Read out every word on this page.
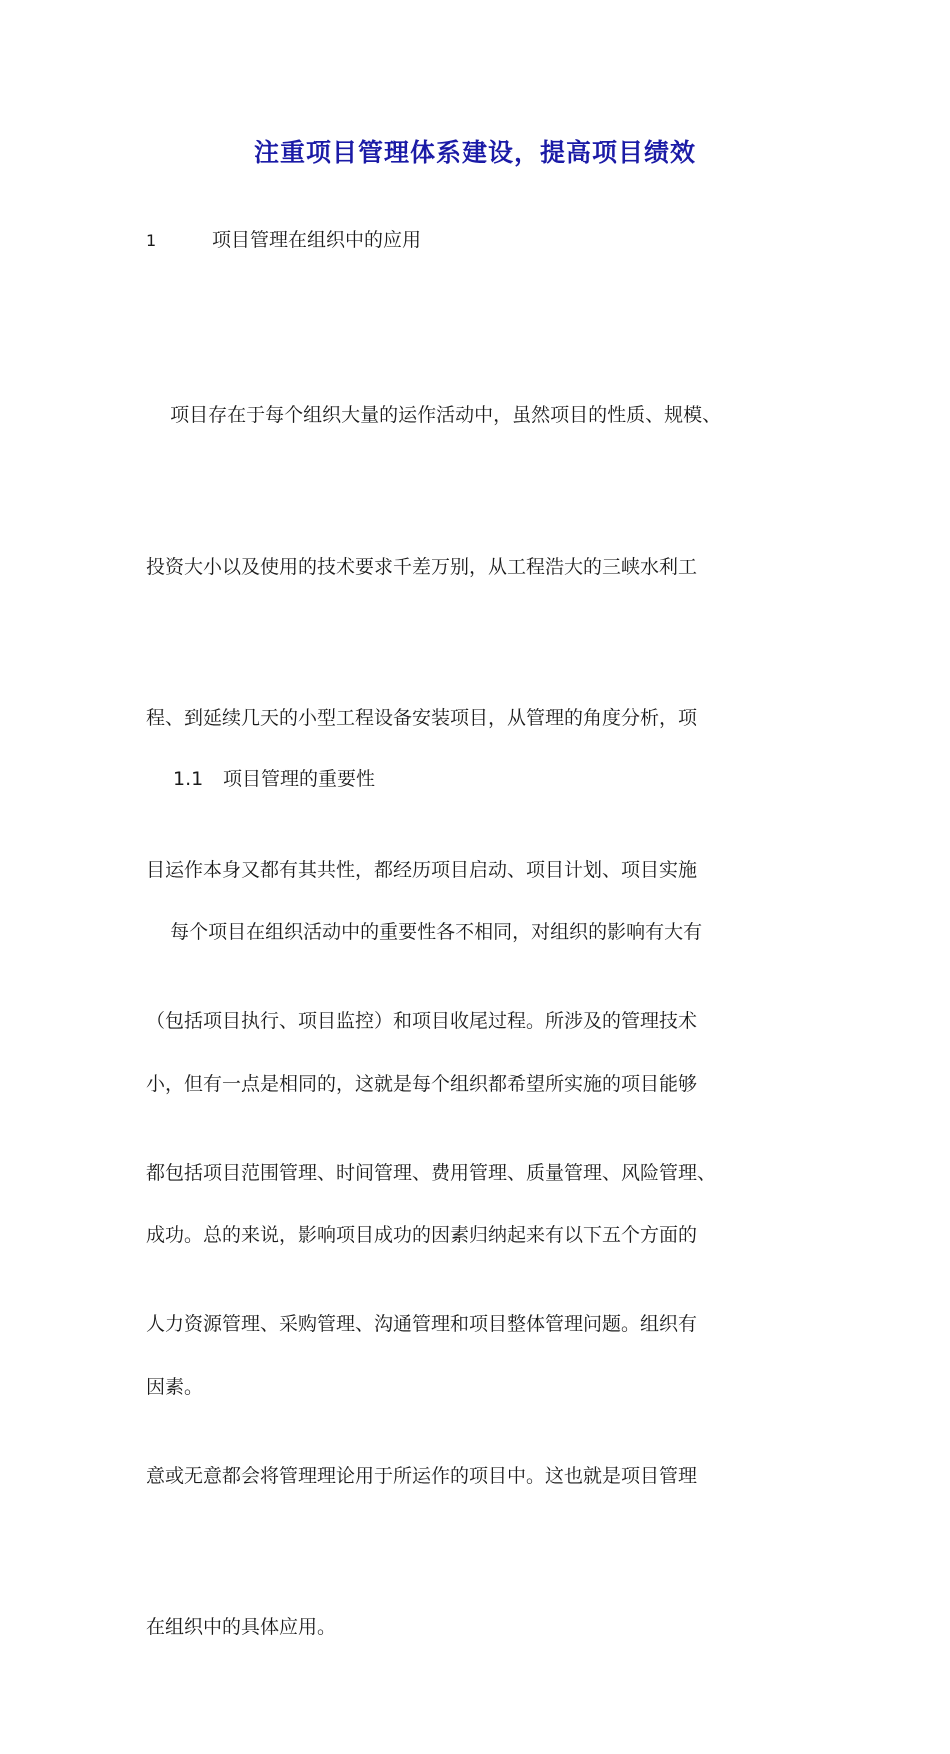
注重项目管理体系建设，提高项目绩效
1	项目管理在组织中的应用

项目存在于每个组织大量的运作活动中，虽然项目的性质、规模、

投资大小以及使用的技术要求千差万别，从工程浩大的三峡水利工

程、到延续几天的小型工程设备安装项目，从管理的角度分析，项

目运作本身又都有其共性，都经历项目启动、项目计划、项目实施

（包括项目执行、项目监控）和项目收尾过程。所涉及的管理技术

都包括项目范围管理、时间管理、费用管理、质量管理、风险管理、

人力资源管理、采购管理、沟通管理和项目整体管理问题。组织有

意或无意都会将管理理论用于所运作的项目中。这也就是项目管理

在组织中的具体应用。

1.1 项目管理的重要性

每个项目在组织活动中的重要性各不相同，对组织的影响有大有

小，但有一点是相同的，这就是每个组织都希望所实施的项目能够

成功。总的来说，影响项目成功的因素归纳起来有以下五个方面的

因素。
